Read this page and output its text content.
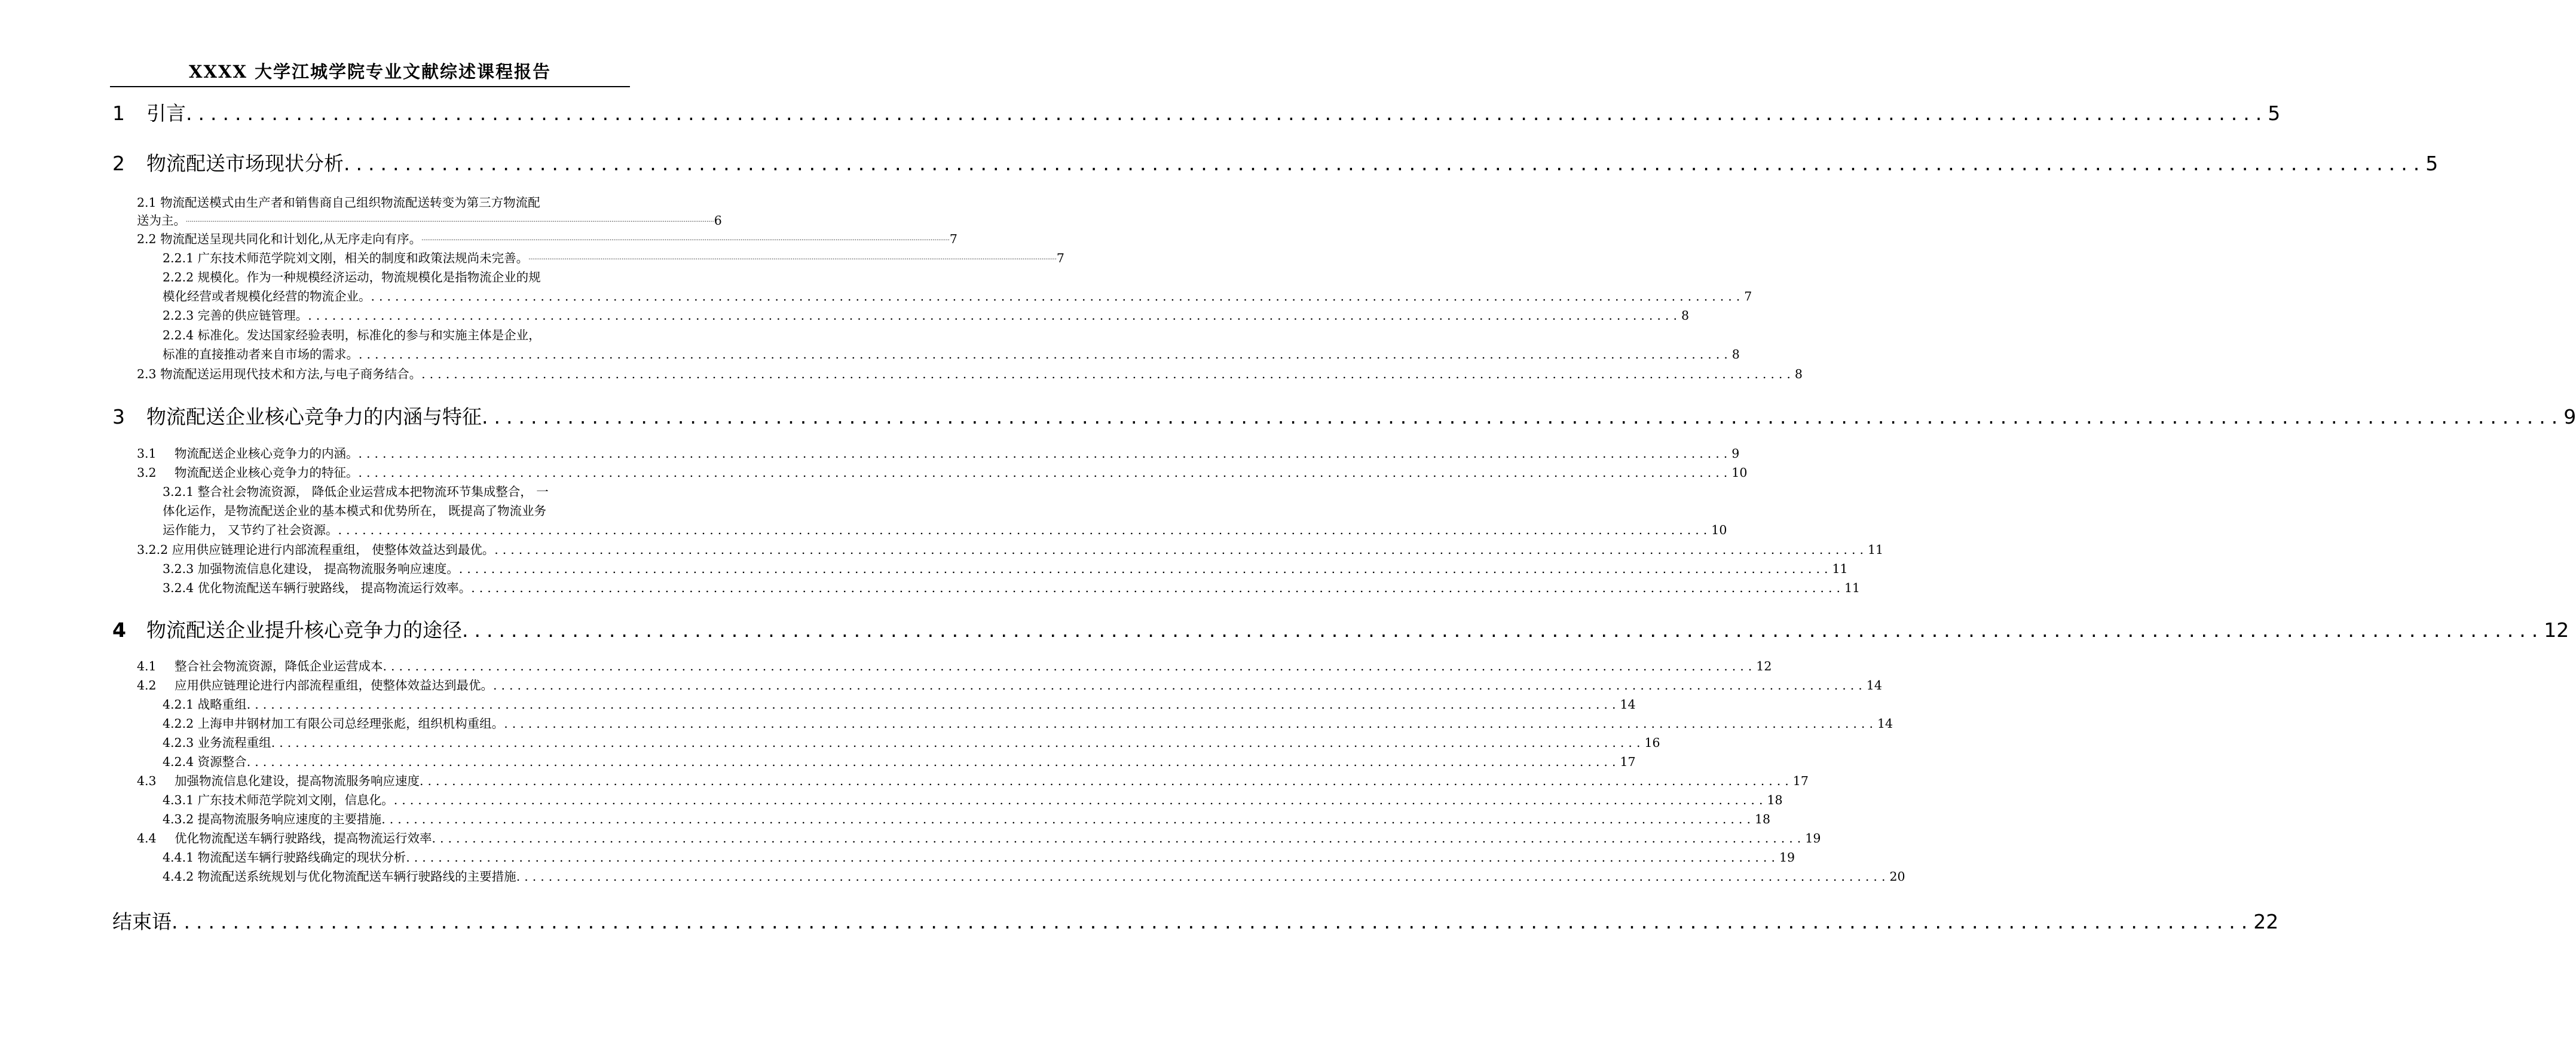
XXXX 大学江城学院专业文献综述课程报告
1 引言 .......................................................................................................................................................................... 5
2 物流配送市场现状分析 .......................................................................................................................................................................... 5
2.1 物流配送模式由生产者和销售商自己组织物流配送转变为第三方物流配
送为主。 ...................................................................................................................................................................................................................................................................................... 6
2.2 物流配送呈现共同化和计划化,从无序走向有序。 ...................................................................................................................................................................................................................................................................................... 7
2.2.1 广东技术师范学院刘文刚，相关的制度和政策法规尚未完善。 ...................................................................................................................................................................................................................................................................................... 7
2.2.2 规模化。作为一种规模经济运动，物流规模化是指物流企业的规
模化经营或者规模化经营的物流企业。 .......................................................................................................................................................................... 7
2.2.3 完善的供应链管理。 .......................................................................................................................................................................... 8
2.2.4 标准化。发达国家经验表明，标准化的参与和实施主体是企业，
标准的直接推动者来自市场的需求。 .......................................................................................................................................................................... 8
2.3 物流配送运用现代技术和方法,与电子商务结合。 .......................................................................................................................................................................... 8
3 物流配送企业核心竞争力的内涵与特征 .......................................................................................................................................................................... 9
3.1 物流配送企业核心竞争力的内涵。 .......................................................................................................................................................................... 9
3.2 物流配送企业核心竞争力的特征。 .......................................................................................................................................................................... 10
3.2.1 整合社会物流资源， 降低企业运营成本把物流环节集成整合， 一
体化运作，是物流配送企业的基本模式和优势所在， 既提高了物流业务
运作能力， 又节约了社会资源。 .......................................................................................................................................................................... 10
3.2.2 应用供应链理论进行内部流程重组， 使整体效益达到最优。 .......................................................................................................................................................................... 11
3.2.3 加强物流信息化建设， 提高物流服务响应速度。 .......................................................................................................................................................................... 11
3.2.4 优化物流配送车辆行驶路线， 提高物流运行效率。 .......................................................................................................................................................................... 11
4 物流配送企业提升核心竞争力的途径 .......................................................................................................................................................................... 12
4.1 整合社会物流资源，降低企业运营成本 .......................................................................................................................................................................... 12
4.2 应用供应链理论进行内部流程重组，使整体效益达到最优。 .......................................................................................................................................................................... 14
4.2.1 战略重组 .......................................................................................................................................................................... 14
4.2.2 上海申井钢材加工有限公司总经理张彪，组织机构重组。 .......................................................................................................................................................................... 14
4.2.3 业务流程重组 .......................................................................................................................................................................... 16
4.2.4 资源整合 .......................................................................................................................................................................... 17
4.3 加强物流信息化建设，提高物流服务响应速度 .......................................................................................................................................................................... 17
4.3.1 广东技术师范学院刘文刚，信息化。 .......................................................................................................................................................................... 18
4.3.2 提高物流服务响应速度的主要措施 .......................................................................................................................................................................... 18
4.4 优化物流配送车辆行驶路线，提高物流运行效率 .......................................................................................................................................................................... 19
4.4.1 物流配送车辆行驶路线确定的现状分析 .......................................................................................................................................................................... 19
4.4.2 物流配送系统规划与优化物流配送车辆行驶路线的主要措施 .......................................................................................................................................................................... 20
结束语 .......................................................................................................................................................................... 22
